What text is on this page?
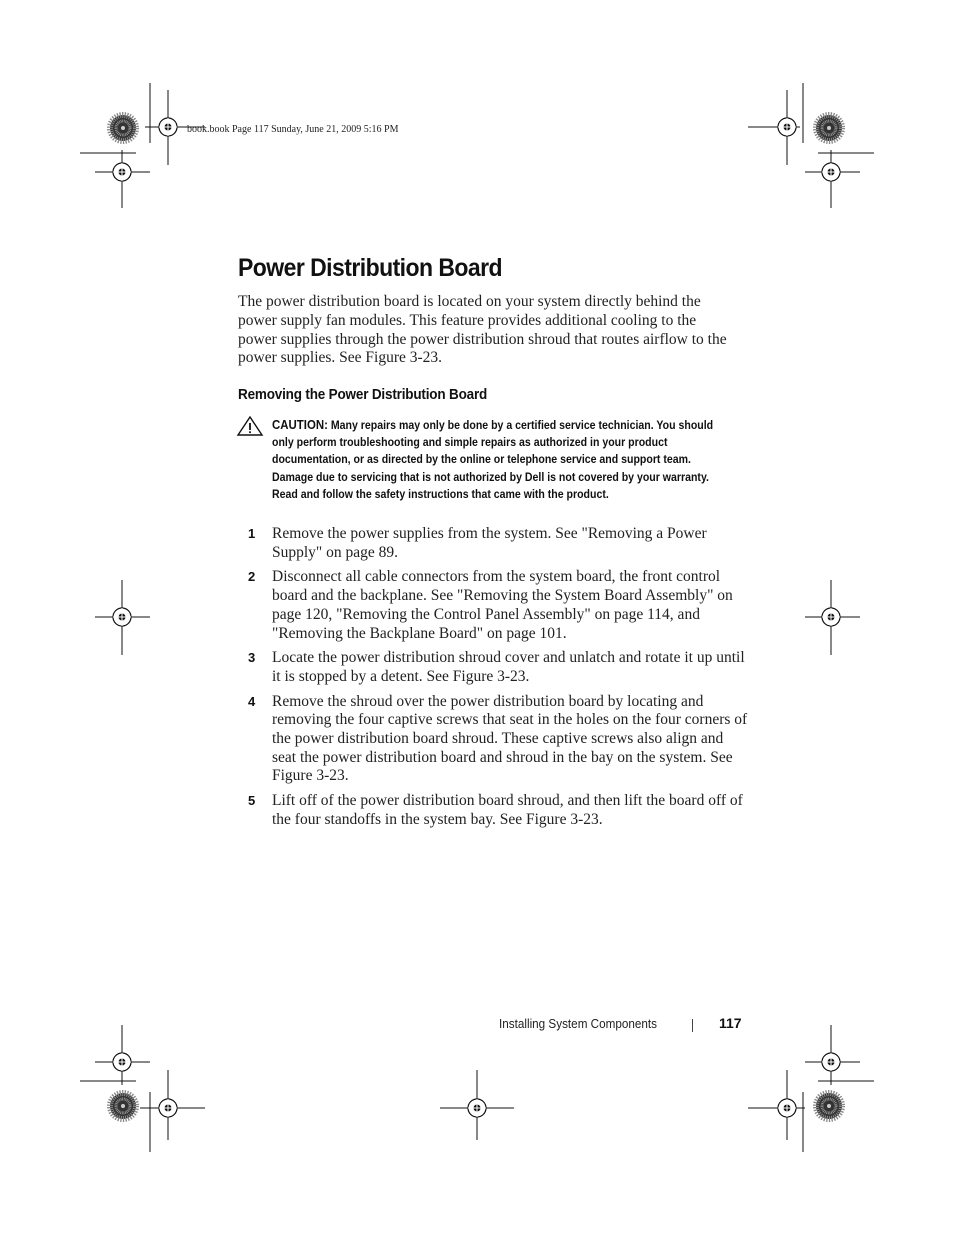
book.book Page 117 Sunday, June 21, 2009 5:16 PM
Power Distribution Board

The power distribution board is located on your system directly behind the power supply fan modules. This feature provides additional cooling to the power supplies through the power distribution shroud that routes airflow to the power supplies. See Figure 3-23.

Removing the Power Distribution Board

CAUTION: Many repairs may only be done by a certified service technician. You should only perform troubleshooting and simple repairs as authorized in your product documentation, or as directed by the online or telephone service and support team. Damage due to servicing that is not authorized by Dell is not covered by your warranty. Read and follow the safety instructions that came with the product.

1 Remove the power supplies from the system. See "Removing a Power Supply" on page 89.
2 Disconnect all cable connectors from the system board, the front control board and the backplane. See "Removing the System Board Assembly" on page 120, "Removing the Control Panel Assembly" on page 114, and "Removing the Backplane Board" on page 101.
3 Locate the power distribution shroud cover and unlatch and rotate it up until it is stopped by a detent. See Figure 3-23.
4 Remove the shroud over the power distribution board by locating and removing the four captive screws that seat in the holes on the four corners of the power distribution board shroud. These captive screws also align and seat the power distribution board and shroud in the bay on the system. See Figure 3-23.
5 Lift off of the power distribution board shroud, and then lift the board off of the four standoffs in the system bay. See Figure 3-23.
Installing System Components	117
